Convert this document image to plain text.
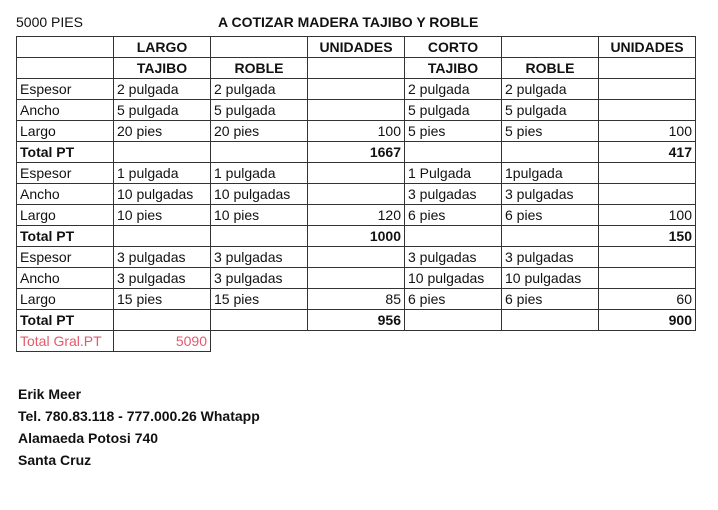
5000 PIES	A COTIZAR MADERA TAJIBO Y ROBLE
	LARGO		UNIDADES	CORTO		UNIDADES
	TAJIBO	ROBLE		TAJIBO	ROBLE	
Espesor	2 pulgada	2 pulgada		2 pulgada	2 pulgada	
Ancho	5 pulgada	5 pulgada		5 pulgada	5 pulgada	
Largo	20 pies	20 pies	100	5 pies	5 pies	100
Total PT			1667			417
Espesor	1 pulgada	1 pulgada		1 Pulgada	1pulgada	
Ancho	10 pulgadas	10 pulgadas		3 pulgadas	3 pulgadas	
Largo	10 pies	10 pies	120	6 pies	6 pies	100
Total PT			1000			150
Espesor	3 pulgadas	3 pulgadas		3 pulgadas	3 pulgadas	
Ancho	3 pulgadas	3 pulgadas		10 pulgadas	10 pulgadas	
Largo	15 pies	15 pies	85	6 pies	6 pies	60
Total PT			956			900
Total Gral.PT	5090					
Erik Meer
Tel. 780.83.118 - 777.000.26 Whatapp
Alamaeda Potosi 740
Santa Cruz
